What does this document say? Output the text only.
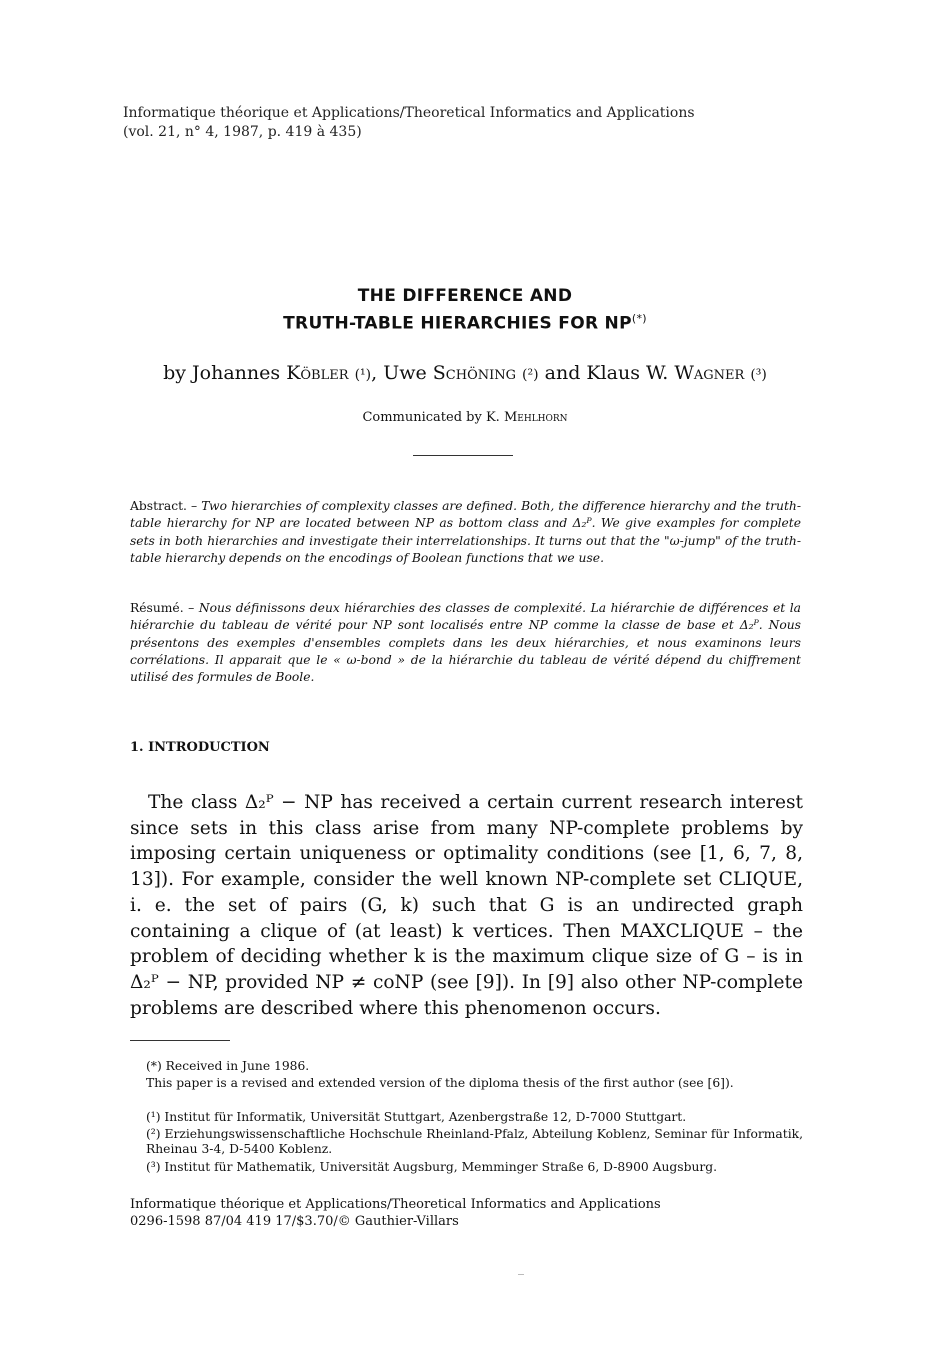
Informatique théorique et Applications/Theoretical Informatics and Applications
(vol. 21, n° 4, 1987, p. 419 à 435)
THE DIFFERENCE AND
TRUTH-TABLE HIERARCHIES FOR NP(*)
by Johannes Köbler (¹), Uwe Schöning (²) and Klaus W. Wagner (³)
Communicated by K. Mehlhorn
Abstract. – Two hierarchies of complexity classes are defined. Both, the difference hierarchy and the truth-table hierarchy for NP are located between NP as bottom class and Δ₂ᴾ. We give examples for complete sets in both hierarchies and investigate their interrelationships. It turns out that the "ω-jump" of the truth-table hierarchy depends on the encodings of Boolean functions that we use.
Résumé. – Nous définissons deux hiérarchies des classes de complexité. La hiérarchie de différences et la hiérarchie du tableau de vérité pour NP sont localisés entre NP comme la classe de base et Δ₂ᴾ. Nous présentons des exemples d'ensembles complets dans les deux hiérarchies, et nous examinons leurs corrélations. Il apparait que le « ω-bond » de la hiérarchie du tableau de vérité dépend du chiffrement utilisé des formules de Boole.
1. INTRODUCTION

The class Δ₂ᴾ − NP has received a certain current research interest since sets in this class arise from many NP-complete problems by imposing certain uniqueness or optimality conditions (see [1, 6, 7, 8, 13]). For example, consider the well known NP-complete set CLIQUE, i. e. the set of pairs (G, k) such that G is an undirected graph containing a clique of (at least) k vertices. Then MAXCLIQUE – the problem of deciding whether k is the maximum clique size of G – is in Δ₂ᴾ − NP, provided NP ≠ coNP (see [9]). In [9] also other NP-complete problems are described where this phenomenon occurs.

(*) Received in June 1986.
This paper is a revised and extended version of the diploma thesis of the first author (see [6]).
(¹) Institut für Informatik, Universität Stuttgart, Azenbergstraße 12, D-7000 Stuttgart.
(²) Erziehungswissenschaftliche Hochschule Rheinland-Pfalz, Abteilung Koblenz, Seminar für Informatik, Rheinau 3-4, D-5400 Koblenz.
(³) Institut für Mathematik, Universität Augsburg, Memminger Straße 6, D-8900 Augsburg.
Informatique théorique et Applications/Theoretical Informatics and Applications
0296-1598 87/04 419 17/$3.70/© Gauthier-Villars
